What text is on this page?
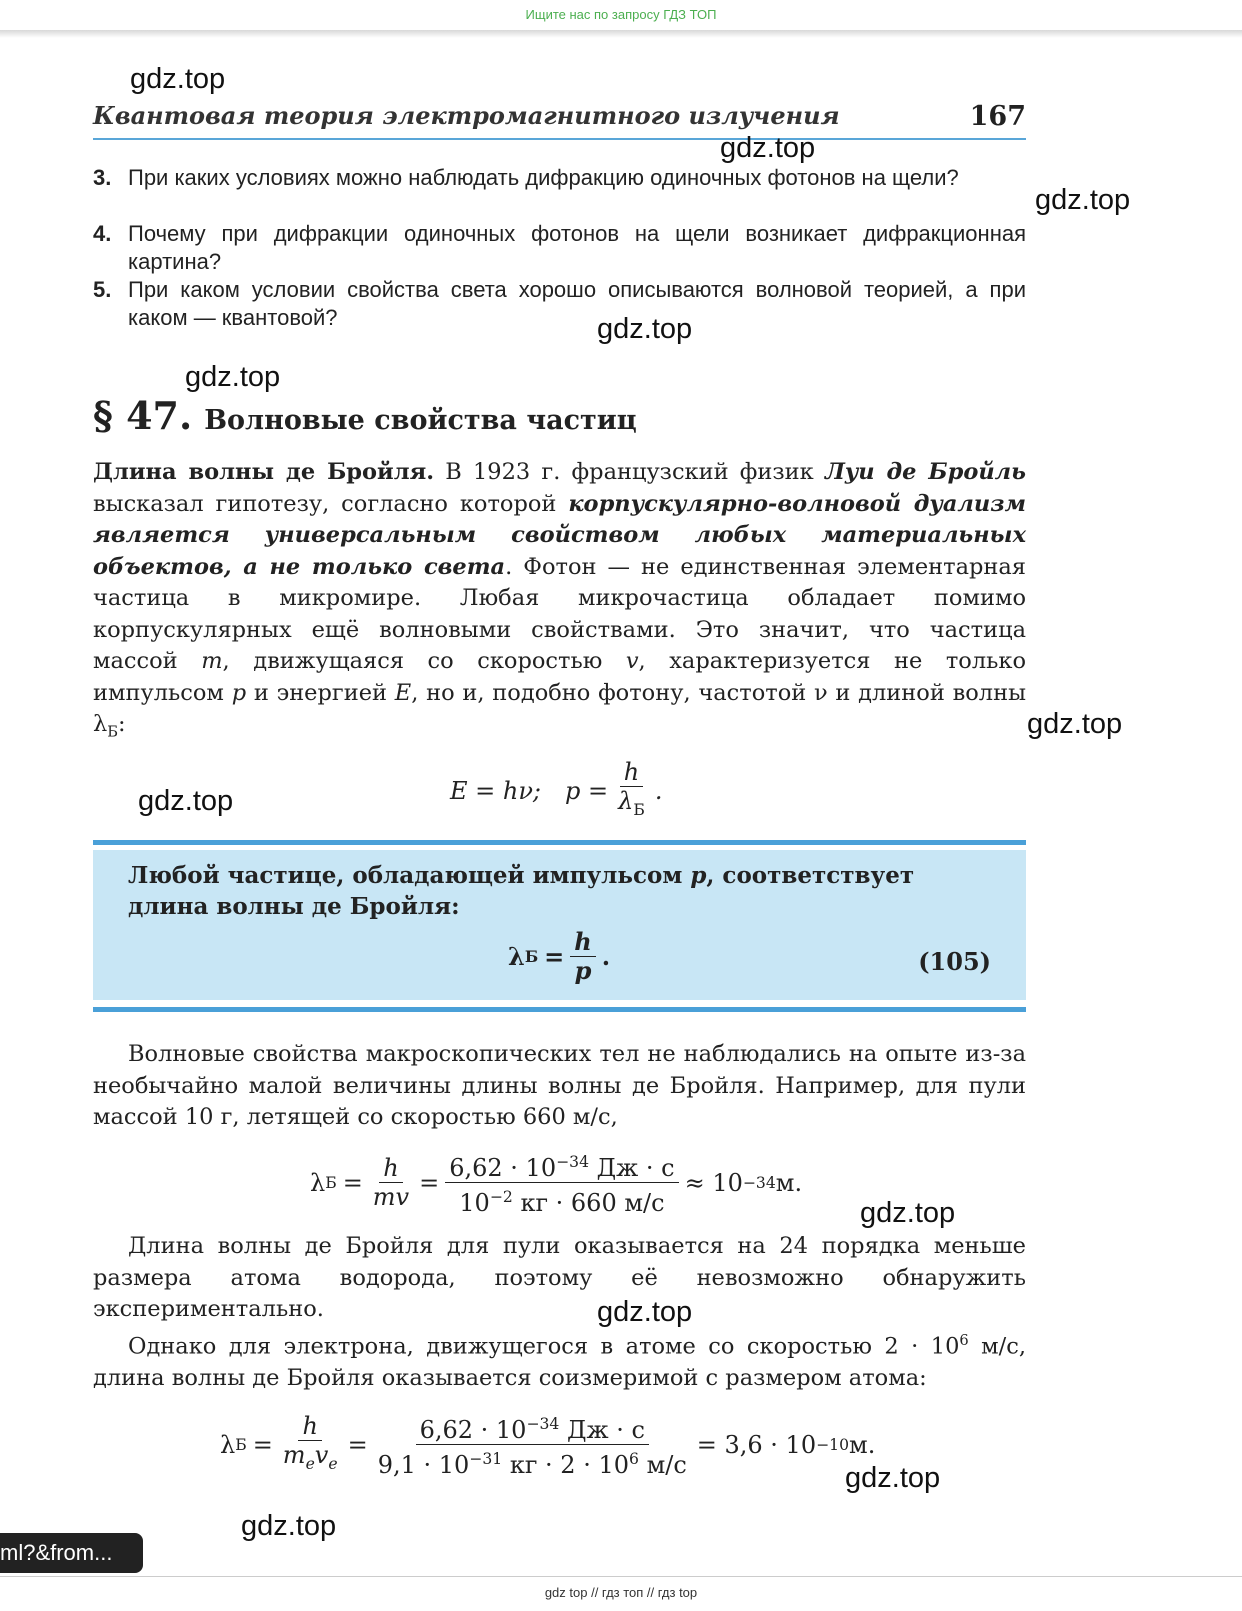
Ищите нас по запросу ГДЗ ТОП
Квантовая теория электромагнитного излучения	167
3. При каких условиях можно наблюдать дифракцию одиночных фотонов на щели?
4. Почему при дифракции одиночных фотонов на щели возникает дифракционная картина?
5. При каком условии свойства света хорошо описываются волновой теорией, а при каком — квантовой?
§ 47. Волновые свойства частиц
Длина волны де Бройля. В 1923 г. французский физик Луи де Бройль высказал гипотезу, согласно которой корпускулярно-волновой дуализм является универсальным свойством любых материальных объектов, а не только света. Фотон — не единственная элементарная частица в микромире. Любая микрочастица обладает помимо корпускулярных ещё волновыми свойствами. Это значит, что частица массой m, движущаяся со скоростью v, характеризуется не только импульсом p и энергией E, но и, подобно фотону, частотой ν и длиной волны $\lambda_Б$:
E = hν; $p = \frac{h}{\lambda_Б}$ .
Любой частице, обладающей импульсом p, соответствует длина волны де Бройля:
λ $Б = \frac{h}{p}$ .	(105)
Волновые свойства макроскопических тел не наблюдались на опыте из-за необычайно малой величины длины волны де Бройля. Например, для пули массой 10 г, летящей со скоростью 660 м/с,
λ $Б = \frac{h}{mv} = \frac{6,62 \cdot 10^{-34} Дж \cdot с}{10^{-2} кг \cdot 660 м/с} \approx 10 -34$ м.
Длина волны де Бройля для пули оказывается на 24 порядка меньше размера атома водорода, поэтому её невозможно обнаружить экспериментально.
Однако для электрона, движущегося в атоме со скоростью $2 \cdot 10^6$ м/с, длина волны де Бройля оказывается соизмеримой с размером атома:
λ $Б = \frac{h}{m_ev_e} = \frac{6,62 \cdot 10^{-34} Дж \cdot с}{9,1 \cdot 10^{-31} кг \cdot 2 \cdot 10^6 м/с} = 3,6 \cdot 10 -10$ м.
gdz.top
gdz.top
gdz.top
gdz.top
gdz.top
gdz.top
gdz.top
gdz.top
gdz.top
gdz.top
gdz.top
ml?&from...
gdz top // гдз топ // гдз top
